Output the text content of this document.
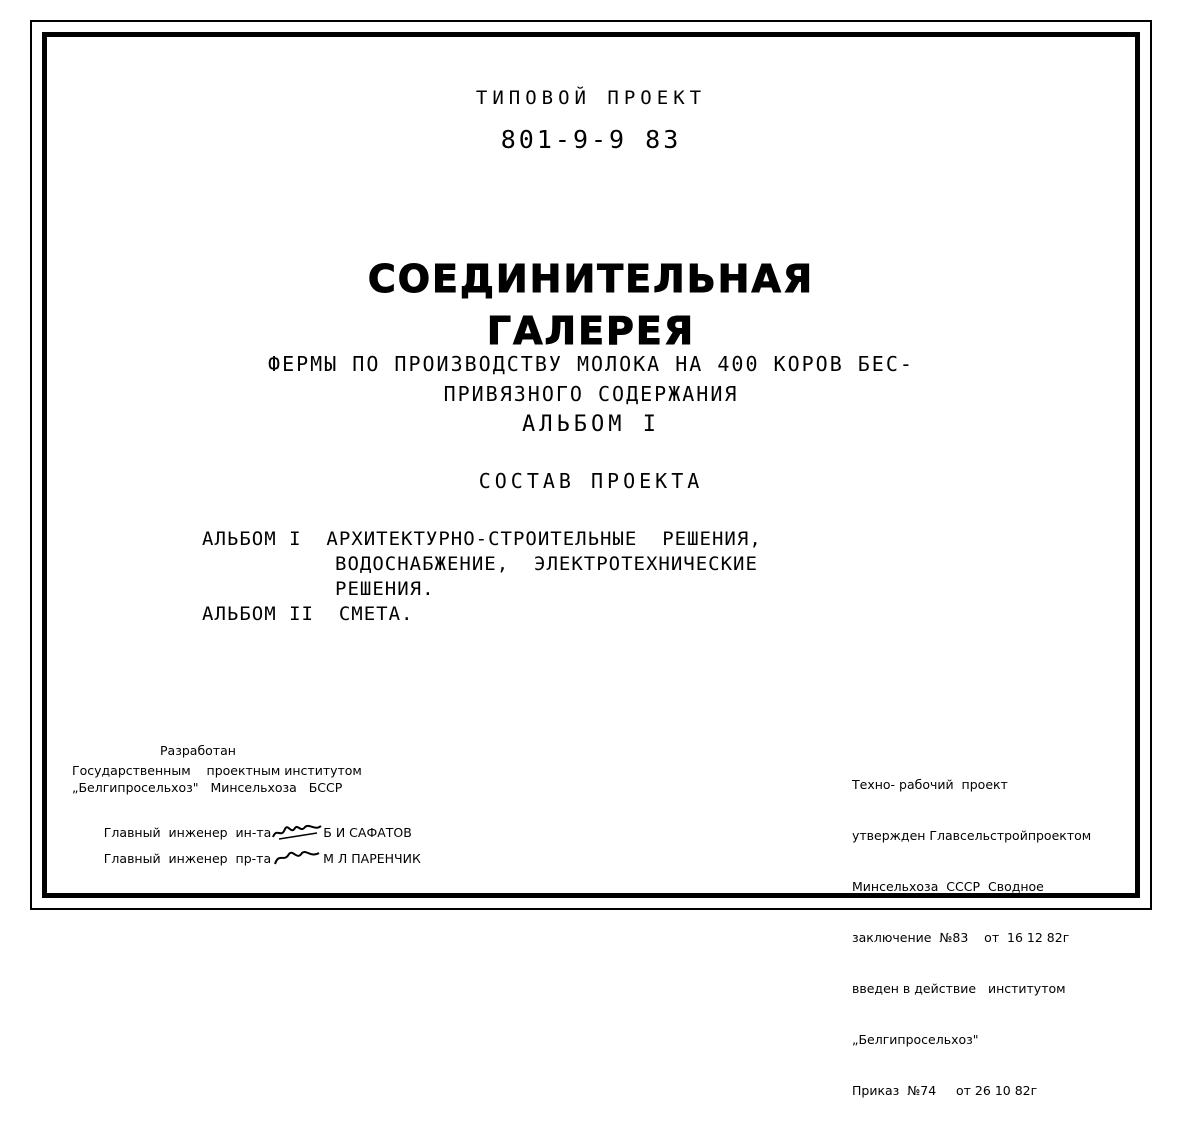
ТИПОВОЙ ПРОЕКТ
801-9-9 83
СОЕДИНИТЕЛЬНАЯ
ГАЛЕРЕЯ
ФЕРМЫ ПО ПРОИЗВОДСТВУ МОЛОКА НА 400 КОРОВ БЕС-
ПРИВЯЗНОГО СОДЕРЖАНИЯ
АЛЬБОМ I
СОСТАВ ПРОЕКТА
АЛЬБОМ I  АРХИТЕКТУРНО-СТРОИТЕЛЬНЫЕ  РЕШЕНИЯ,
ВОДОСНАБЖЕНИЕ,  ЭЛЕКТРОТЕХНИЧЕСКИЕ
РЕШЕНИЯ.
АЛЬБОМ II  СМЕТА.
Разработан
Государственным    проектным институтом
„Белгипросельхоз"   Минсельхоза   БССР

Главный  инженер  ин-та	Б И САФАТОВ

Главный  инженер  пр-та	М Л ПАРЕНЧИК

Техно- рабочий  проект

утвержден Главсельстройпроектом

Минсельхоза  СССР  Сводное

заключение  №83    от  16 12 82г

введен в действие   институтом

„Белгипросельхоз"

Приказ  №74     от 26 10 82г
